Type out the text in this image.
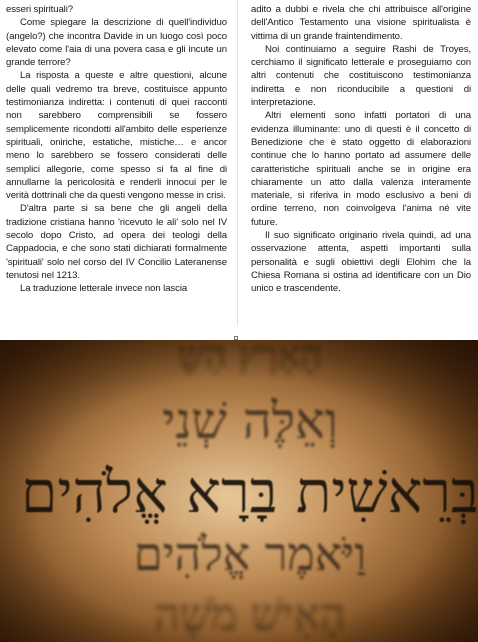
esseri spirituali?

Come spiegare la descrizione di quell'individuo (angelo?) che incontra Davide in un luogo così poco elevato come l'aia di una povera casa e gli incute un grande terrore?

La risposta a queste e altre questioni, alcune delle quali vedremo tra breve, costituisce appunto testimonianza indiretta: i contenuti di quei racconti non sarebbero comprensibili se fossero semplicemente ricondotti all'ambito delle esperienze spirituali, oniriche, estatiche, mistiche… e ancor meno lo sarebbero se fossero considerati delle semplici allegorie, come spesso si fa al fine di annullarne la pericolosità e renderli innocui per le verità dottrinali che da questi vengono messe in crisi.

D'altra parte si sa bene che gli angeli della tradizione cristiana hanno 'ricevuto le ali' solo nel IV secolo dopo Cristo, ad opera dei teologi della Cappadocia, e che sono stati dichiarati formalmente 'spirituali' solo nel corso del IV Concilio Lateranense tenutosi nel 1213.

La traduzione letterale invece non lascia

adito a dubbi e rivela che chi attribuisce all'origine dell'Antico Testamento una visione spiritualista è vittima di un grande fraintendimento.

Noi continuiamo a seguire Rashi de Troyes, cerchiamo il significato letterale e proseguiamo con altri contenuti che costituiscono testimonianza indiretta e non riconducibile a questioni di interpretazione.

Altri elementi sono infatti portatori di una evidenza illuminante: uno di questi è il concetto di Benedizione che è stato oggetto di elaborazioni continue che lo hanno portato ad assumere delle caratteristiche spirituali anche se in origine era chiaramente un atto dalla valenza interamente materiale, si riferiva in modo esclusivo a beni di ordine terreno, non coinvolgeva l'anima né vite future.

Il suo significato originario rivela quindi, ad una osservazione attenta, aspetti importanti sulla personalità e sugli obiettivi degli Elohim che la Chiesa Romana si ostina ad identificare con un Dio unico e trascendente.
